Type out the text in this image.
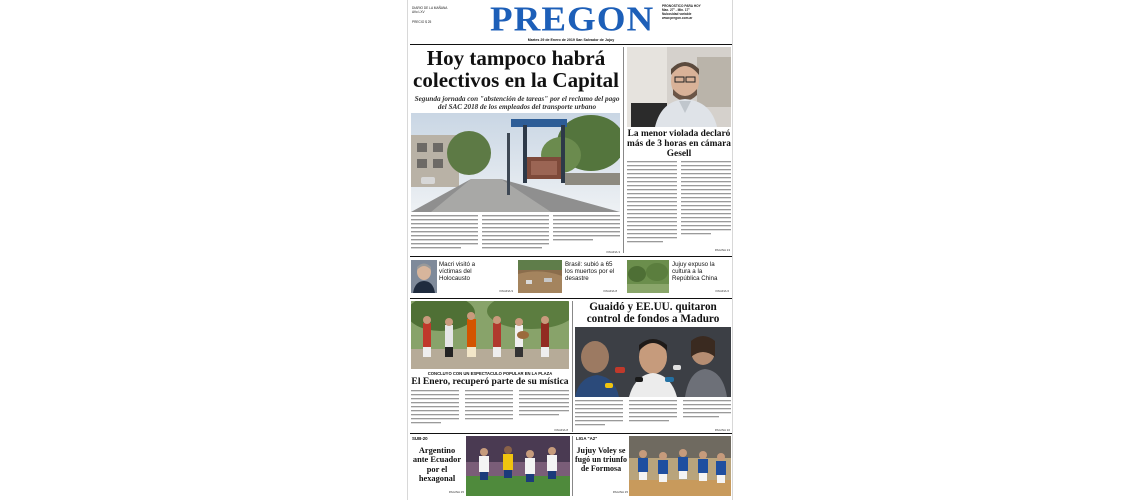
DIARIO DE LA MAÑANA
Año LXV
PRECIO $ 25	PREGON PRONOSTICO PARA HOY
Max. 27° - Min. 17°
Nubosidad variable
www.pregon.com.ar
Martes 29 de Enero de 2019 San Salvador de Jujuy
Hoy tampoco habrá
colectivos en la Capital
Segunda jornada con "abstención de tareas" por el reclamo del pago del SAC 2018 de los empleados del transporte urbano
PAGINA 3
La menor violada declaró más de 3 horas en cámara Gesell
PAGINA 13
Macri visitó a víctimas del Holocausto
PAGINA 9
Brasil: subió a 65 los muertos por el desastre
PAGINA 8
Jujuy expuso la cultura a la República China
PAGINA 6
CONCLUYO CON UN ESPECTACULO POPULAR EN LA PLAZA
El Enero, recuperó parte de su mística
PAGINA 8
Guaidó y EE.UU. quitaron
control de fondos a Maduro
PAGINA 10
SUB-20
Argentino ante Ecuador por el hexagonal
PAGINA 15
LIGA "A2"
Jujuy Voley se fugó un triunfo de Formosa
PAGINA 15
